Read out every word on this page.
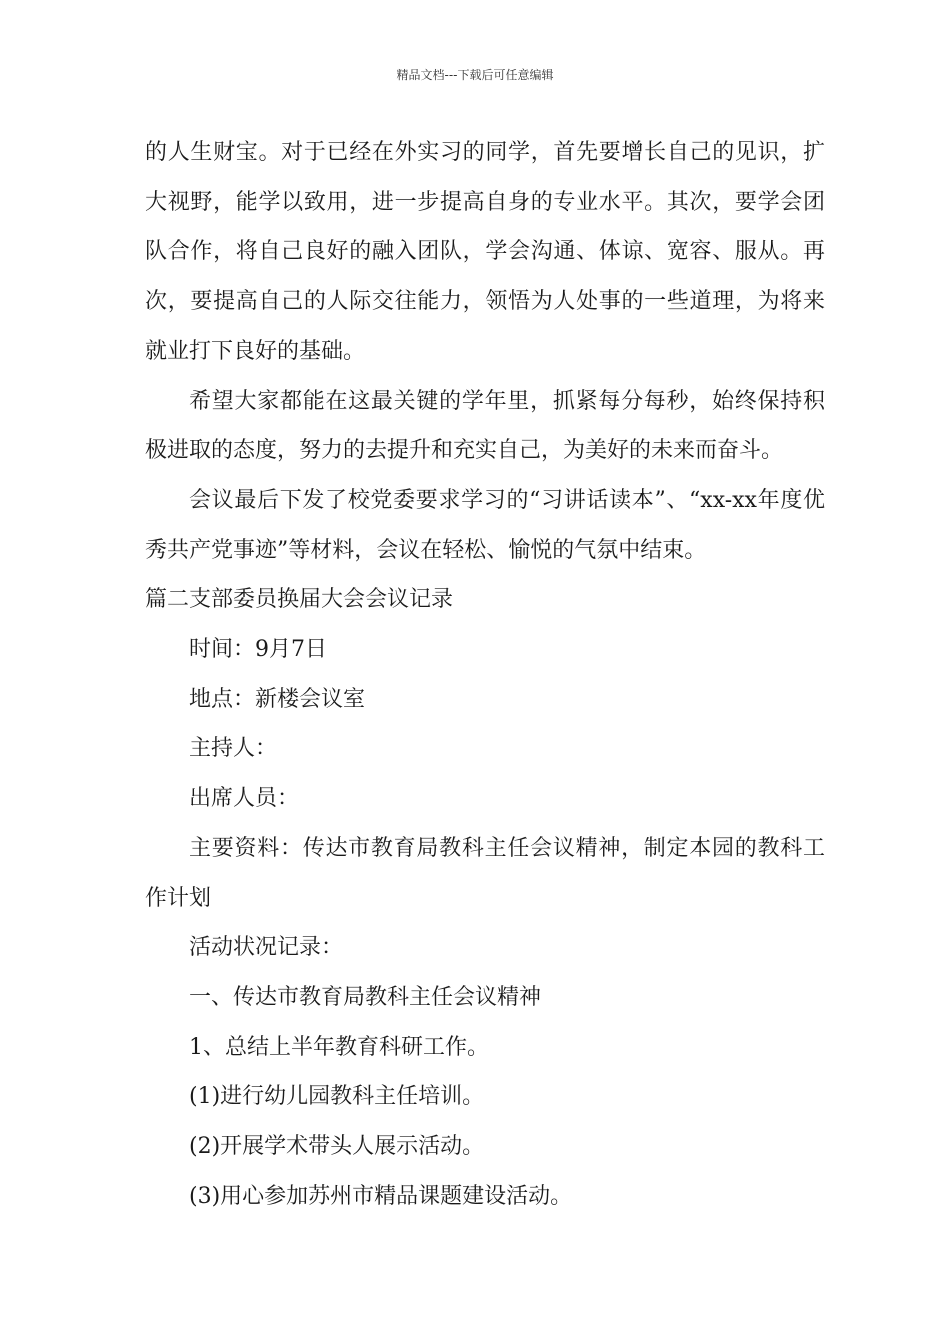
精品文档---下载后可任意编辑

的人生财宝。对于已经在外实习的同学，首先要增长自己的见识，扩大视野，能学以致用，进一步提高自身的专业水平。其次，要学会团队合作，将自己良好的融入团队，学会沟通、体谅、宽容、服从。再次，要提高自己的人际交往能力，领悟为人处事的一些道理，为将来就业打下良好的基础。

希望大家都能在这最关键的学年里，抓紧每分每秒，始终保持积极进取的态度，努力的去提升和充实自己，为美好的未来而奋斗。

会议最后下发了校党委要求学习的“习讲话读本”、“xx-xx年度优秀共产党事迹”等材料，会议在轻松、愉悦的气氛中结束。

篇二支部委员换届大会会议记录

时间：9月7日

地点：新楼会议室

主持人：

出席人员：

主要资料：传达市教育局教科主任会议精神，制定本园的教科工作计划

活动状况记录：

一、传达市教育局教科主任会议精神

1、总结上半年教育科研工作。

(1)进行幼儿园教科主任培训。

(2)开展学术带头人展示活动。

(3)用心参加苏州市精品课题建设活动。
